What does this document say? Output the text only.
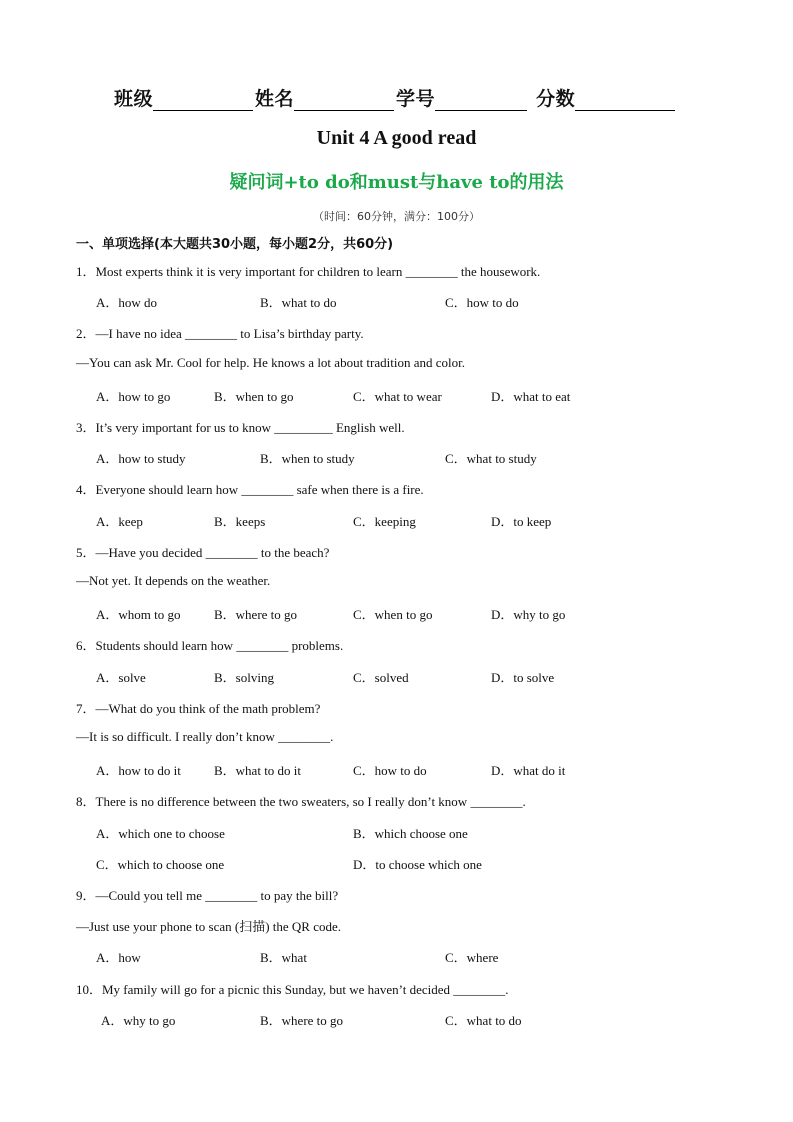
班级	姓名	学号	分数
Unit 4 A good read
疑问词+to do和must与have to的用法
（时间：60分钟，满分：100分）
一、单项选择(本大题共30小题，每小题2分，共60分)
1．Most experts think it is very important for children to learn ________ the housework.
A．how do	B．what to do	C．how to do
2．—I have no idea ________ to Lisa’s birthday party.
—You can ask Mr. Cool for help. He knows a lot about tradition and color.
A．how to go	B．when to go	C．what to wear	D．what to eat
3．It’s very important for us to know _________ English well.
A．how to study	B．when to study	C．what to study
4．Everyone should learn how ________ safe when there is a fire.
A．keep	B．keeps	C．keeping	D．to keep
5．—Have you decided ________ to the beach?
—Not yet. It depends on the weather.
A．whom to go	B．where to go	C．when to go	D．why to go
6．Students should learn how ________ problems.
A．solve	B．solving	C．solved	D．to solve
7．—What do you think of the math problem?
—It is so difficult. I really don’t know ________.
A．how to do it	B．what to do it	C．how to do	D．what do it
8．There is no difference between the two sweaters, so I really don’t know ________.
A．which one to choose	B．which choose one
C．which to choose one	D．to choose which one
9．—Could you tell me ________ to pay the bill?
—Just use your phone to scan (扫描) the QR code.
A．how	B．what	C．where
10．My family will go for a picnic this Sunday, but we haven’t decided ________.
A．why to go	B．where to go	C．what to do
